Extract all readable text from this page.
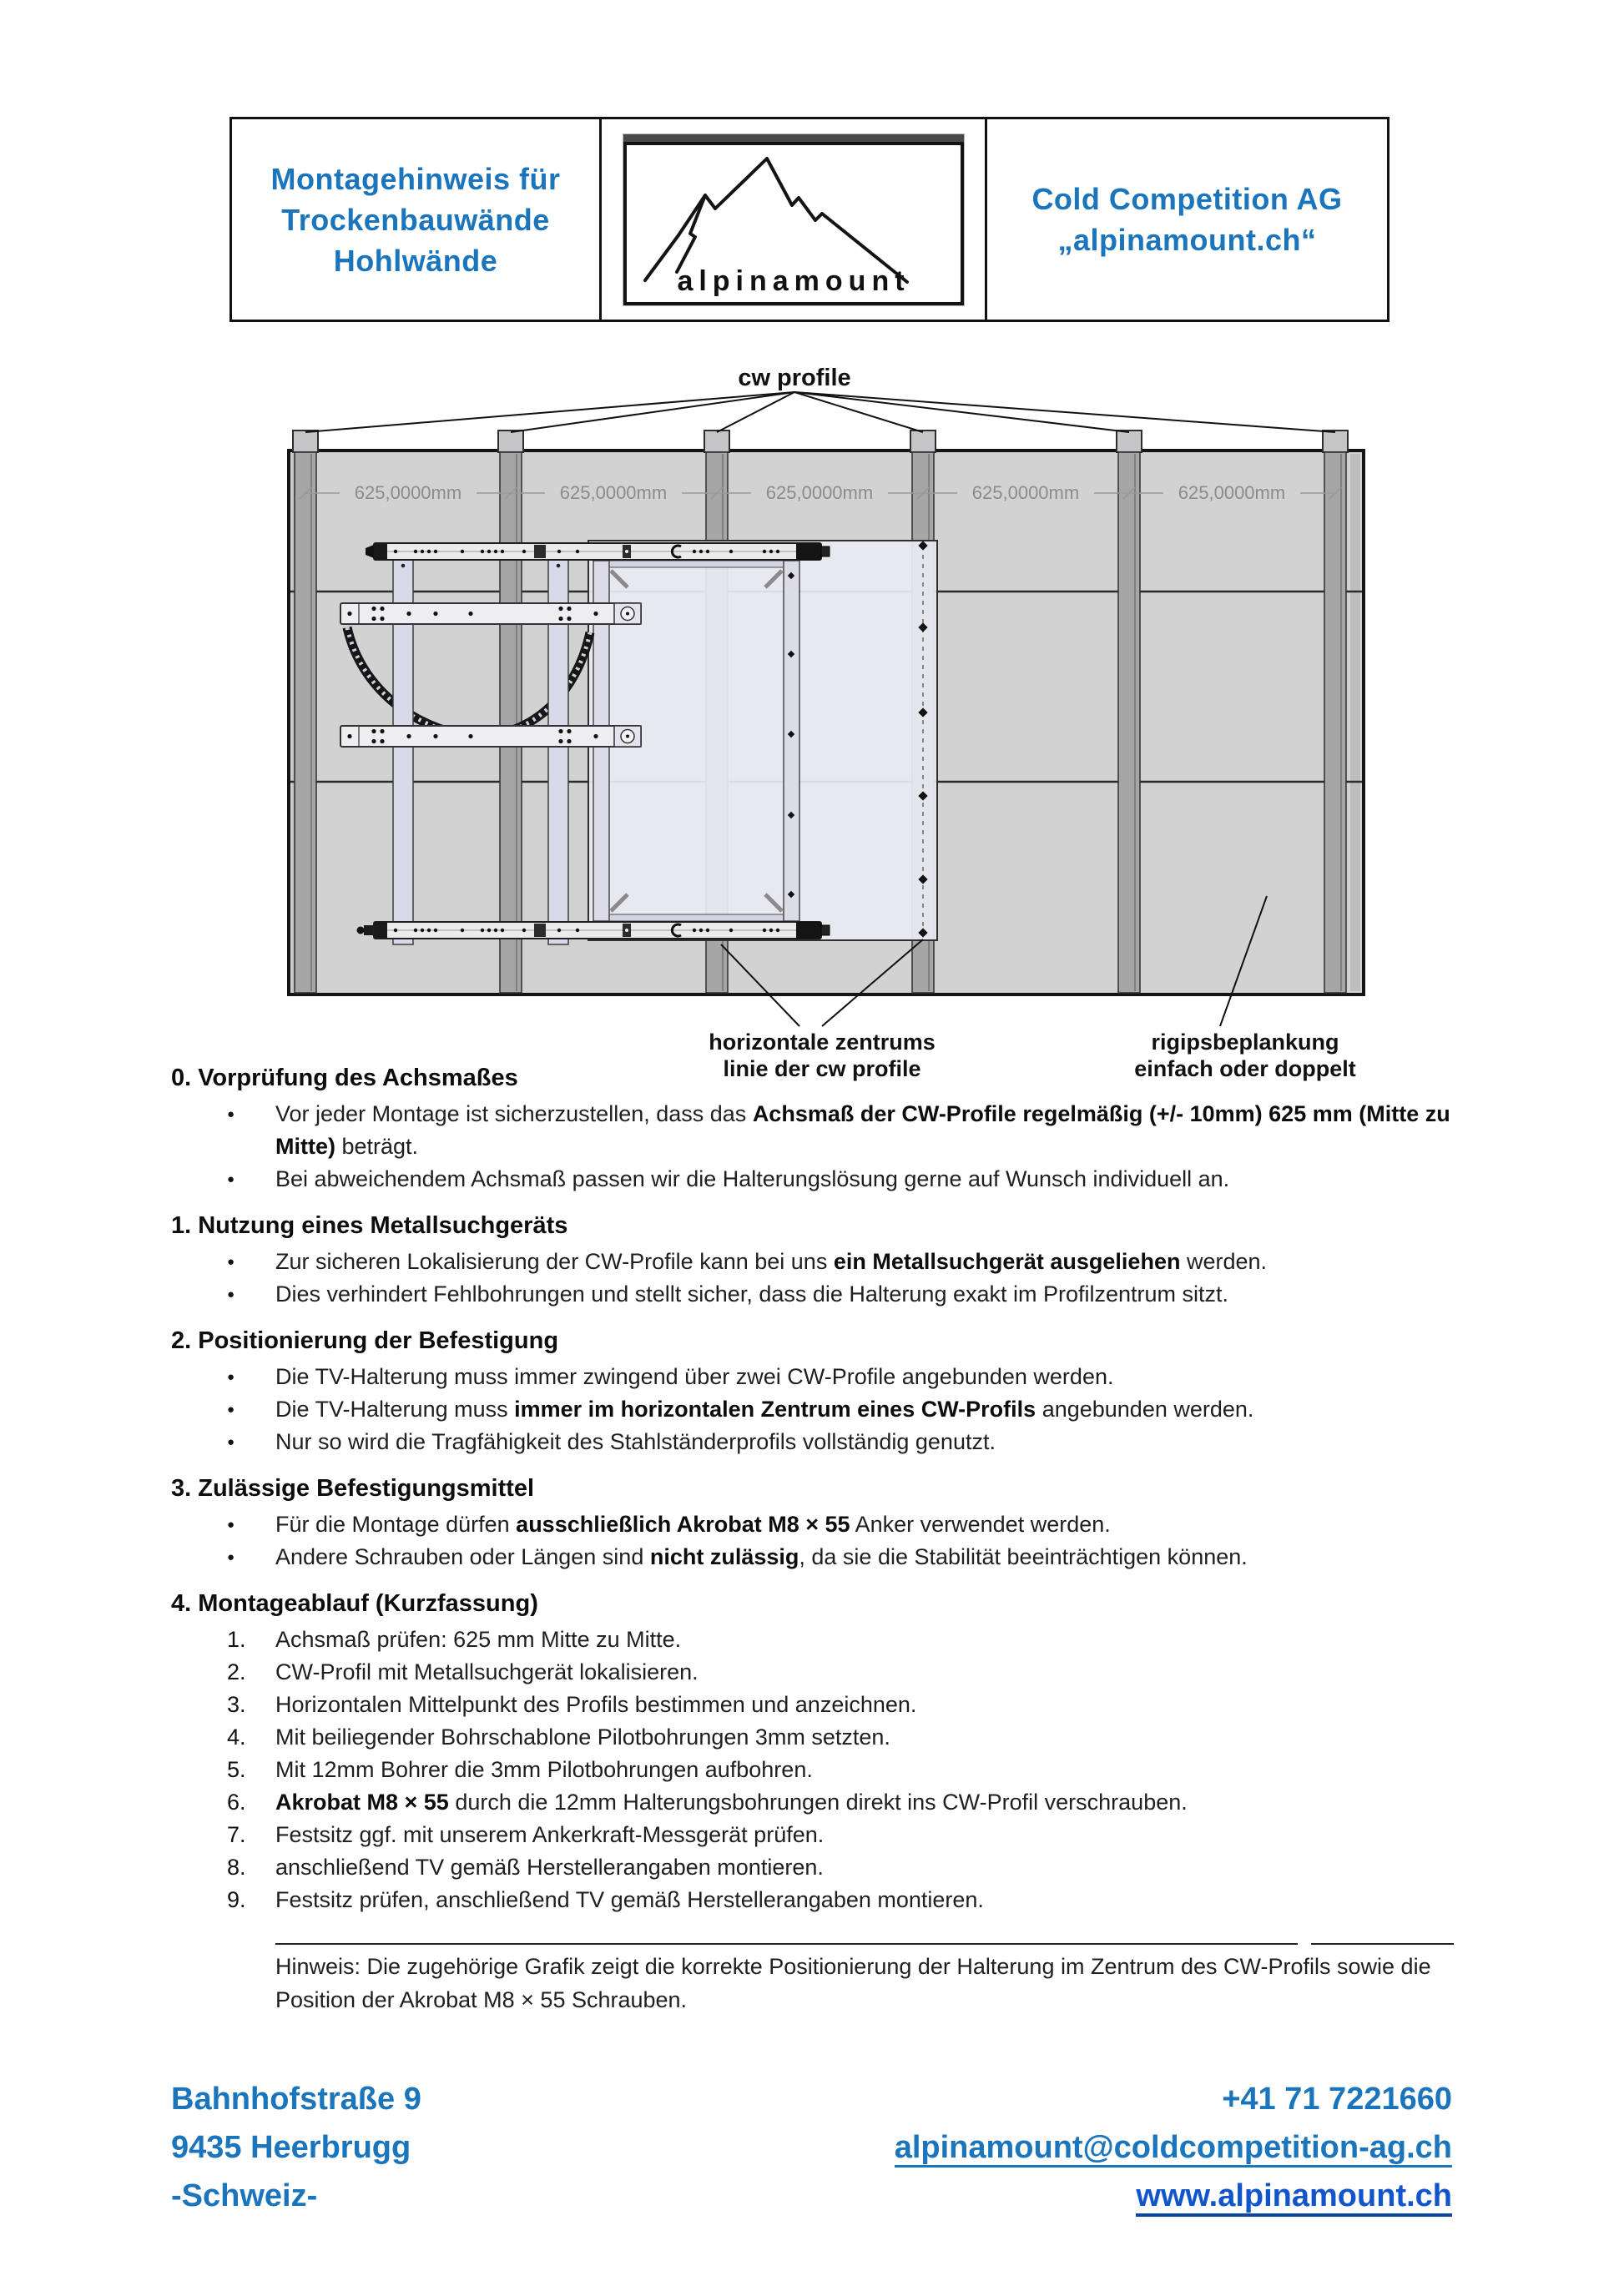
Montagehinweis für
Trockenbauwände
Hohlwände
alpinamount
Cold Competition AG
„alpinamount.ch“
625,0000mm	625,0000mm	625,0000mm	625,0000mm	625,0000mm
cw profile
horizontale zentrums
linie der cw profile
rigipsbeplankung
einfach oder doppelt
0. Vorprüfung des Achsmaßes
●	Vor jeder Montage ist sicherzustellen, dass das Achsmaß der CW-Profile regelmäßig (+/- 10mm) 625 mm (Mitte zu Mitte) beträgt.
●	Bei abweichendem Achsmaß passen wir die Halterungslösung gerne auf Wunsch individuell an.
1. Nutzung eines Metallsuchgeräts
●	Zur sicheren Lokalisierung der CW-Profile kann bei uns ein Metallsuchgerät ausgeliehen werden.
●	Dies verhindert Fehlbohrungen und stellt sicher, dass die Halterung exakt im Profilzentrum sitzt.
2. Positionierung der Befestigung
●	Die TV-Halterung muss immer zwingend über zwei CW-Profile angebunden werden.
●	Die TV-Halterung muss immer im horizontalen Zentrum eines CW-Profils angebunden werden.
●	Nur so wird die Tragfähigkeit des Stahlständerprofils vollständig genutzt.
3. Zulässige Befestigungsmittel
●	Für die Montage dürfen ausschließlich Akrobat M8 × 55 Anker verwendet werden.
●	Andere Schrauben oder Längen sind nicht zulässig, da sie die Stabilität beeinträchtigen können.
4. Montageablauf (Kurzfassung)
1.	Achsmaß prüfen: 625 mm Mitte zu Mitte.
2.	CW-Profil mit Metallsuchgerät lokalisieren.
3.	Horizontalen Mittelpunkt des Profils bestimmen und anzeichnen.
4.	Mit beiliegender Bohrschablone Pilotbohrungen 3mm setzten.
5.	Mit 12mm Bohrer die 3mm Pilotbohrungen aufbohren.
6.	Akrobat M8 × 55 durch die 12mm Halterungsbohrungen direkt ins CW-Profil verschrauben.
7.	Festsitz ggf. mit unserem Ankerkraft-Messgerät prüfen.
8.	anschließend TV gemäß Herstellerangaben montieren.
9.	Festsitz prüfen, anschließend TV gemäß Herstellerangaben montieren.
Hinweis: Die zugehörige Grafik zeigt die korrekte Positionierung der Halterung im Zentrum des CW-Profils sowie die Position der Akrobat M8 × 55 Schrauben.
Bahnhofstraße 9
9435 Heerbrugg
-Schweiz-
+41 71 7221660
alpinamount@coldcompetition-ag.ch
www.alpinamount.ch
